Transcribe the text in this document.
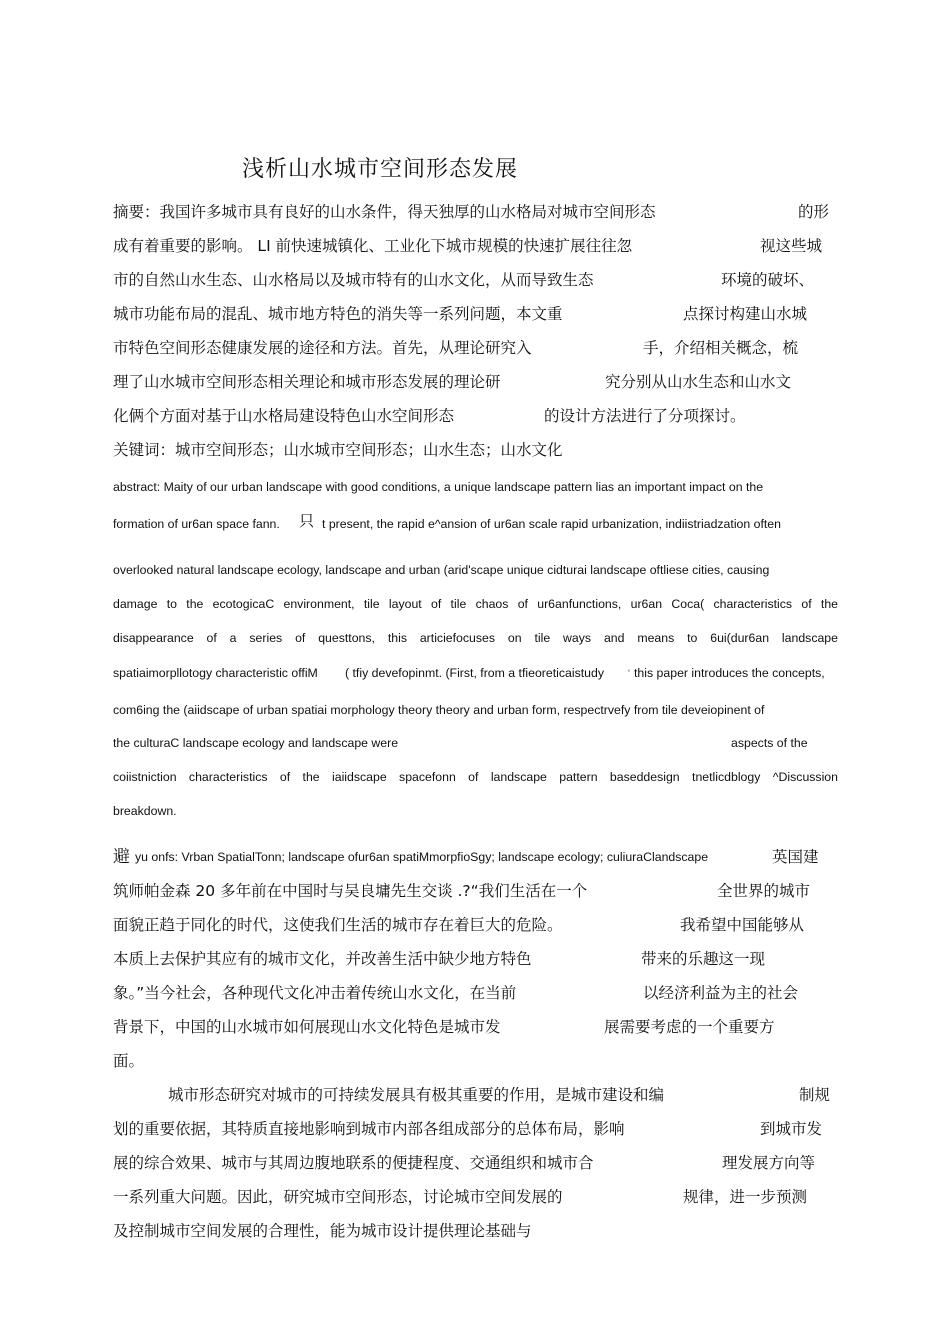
浅析山水城市空间形态发展
摘要：我国许多城市具有良好的山水条件，得天独厚的山水格局对城市空间形态	的形
成有着重要的影响。 LI 前快速城镇化、工业化下城市规模的快速扩展往往忽	视这些城
市的自然山水生态、山水格局以及城市特有的山水文化，从而导致生态	环境的破坏、
城市功能布局的混乱、城市地方特色的消失等一系列问题，本文重	点探讨构建山水城
市特色空间形态健康发展的途径和方法。首先，从理论研究入	手，介绍相关概念，梳
理了山水城市空间形态相关理论和城市形态发展的理论研	究分别从山水生态和山水文
化俩个方面对基于山水格局建设特色山水空间形态	的设计方法进行了分项探讨。
关键词：城市空间形态；山水城市空间形态；山水生态；山水文化
abstract: Maity of our urban landscape with good conditions, a unique landscape pattern lias an important impact on the
formation of ur6an space fann. 只 t present, the rapid e^ansion of ur6an scale rapid urbanization, indiistriadzation often
overlooked natural landscape ecology, landscape and urban (arid'scape unique cidturai landscape oftliese cities, causing
damage to the ecotogicaC environment, tile layout of tile chaos of ur6anfunctions, ur6an Coca( characteristics of the
disappearance of a series of questtons, this articiefocuses on tile ways and means to 6ui(dur6an landscape
spatiaimorpllotogy characteristic offiM ( tfiy devefopinmt. (First, from a tfieoreticaistudy	‘ this paper introduces the concepts,
com6ing the (aiidscape of urban spatiai morphology theory theory and urban form, respectrvefy from tile deveiopinent of
the culturaC landscape ecology and landscape were	aspects of the
coiistniction characteristics of the iaiidscape spacefonn of landscape pattern baseddesign tnetlicdblogy ^Discussion
breakdown.
避 yu onfs: Vrban SpatialTonn; landscape ofur6an spatiMmorpfioSgy; landscape ecology; culiuraClandscape	英国建
筑师帕金森 20 多年前在中国时与吴良墉先生交谈 .?“我们生活在一个	全世界的城市
面貌正趋于同化的时代，这使我们生活的城市存在着巨大的危险。	我希望中国能够从
本质上去保护其应有的城市文化，并改善生活中缺少地方特色	带来的乐趣这一现
象。”当今社会，各种现代文化冲击着传统山水文化，在当前	以经济利益为主的社会
背景下，中国的山水城市如何展现山水文化特色是城市发	展需要考虑的一个重要方
面。
城市形态研究对城市的可持续发展具有极其重要的作用，是城市建设和编	制规
划的重要依据，其特质直接地影响到城市内部各组成部分的总体布局，影响	到城市发
展的综合效果、城市与其周边腹地联系的便捷程度、交通组织和城市合	理发展方向等
一系列重大问题。因此，研究城市空间形态，讨论城市空间发展的	规律，进一步预测
及控制城市空间发展的合理性，能为城市设计提供理论基础与
